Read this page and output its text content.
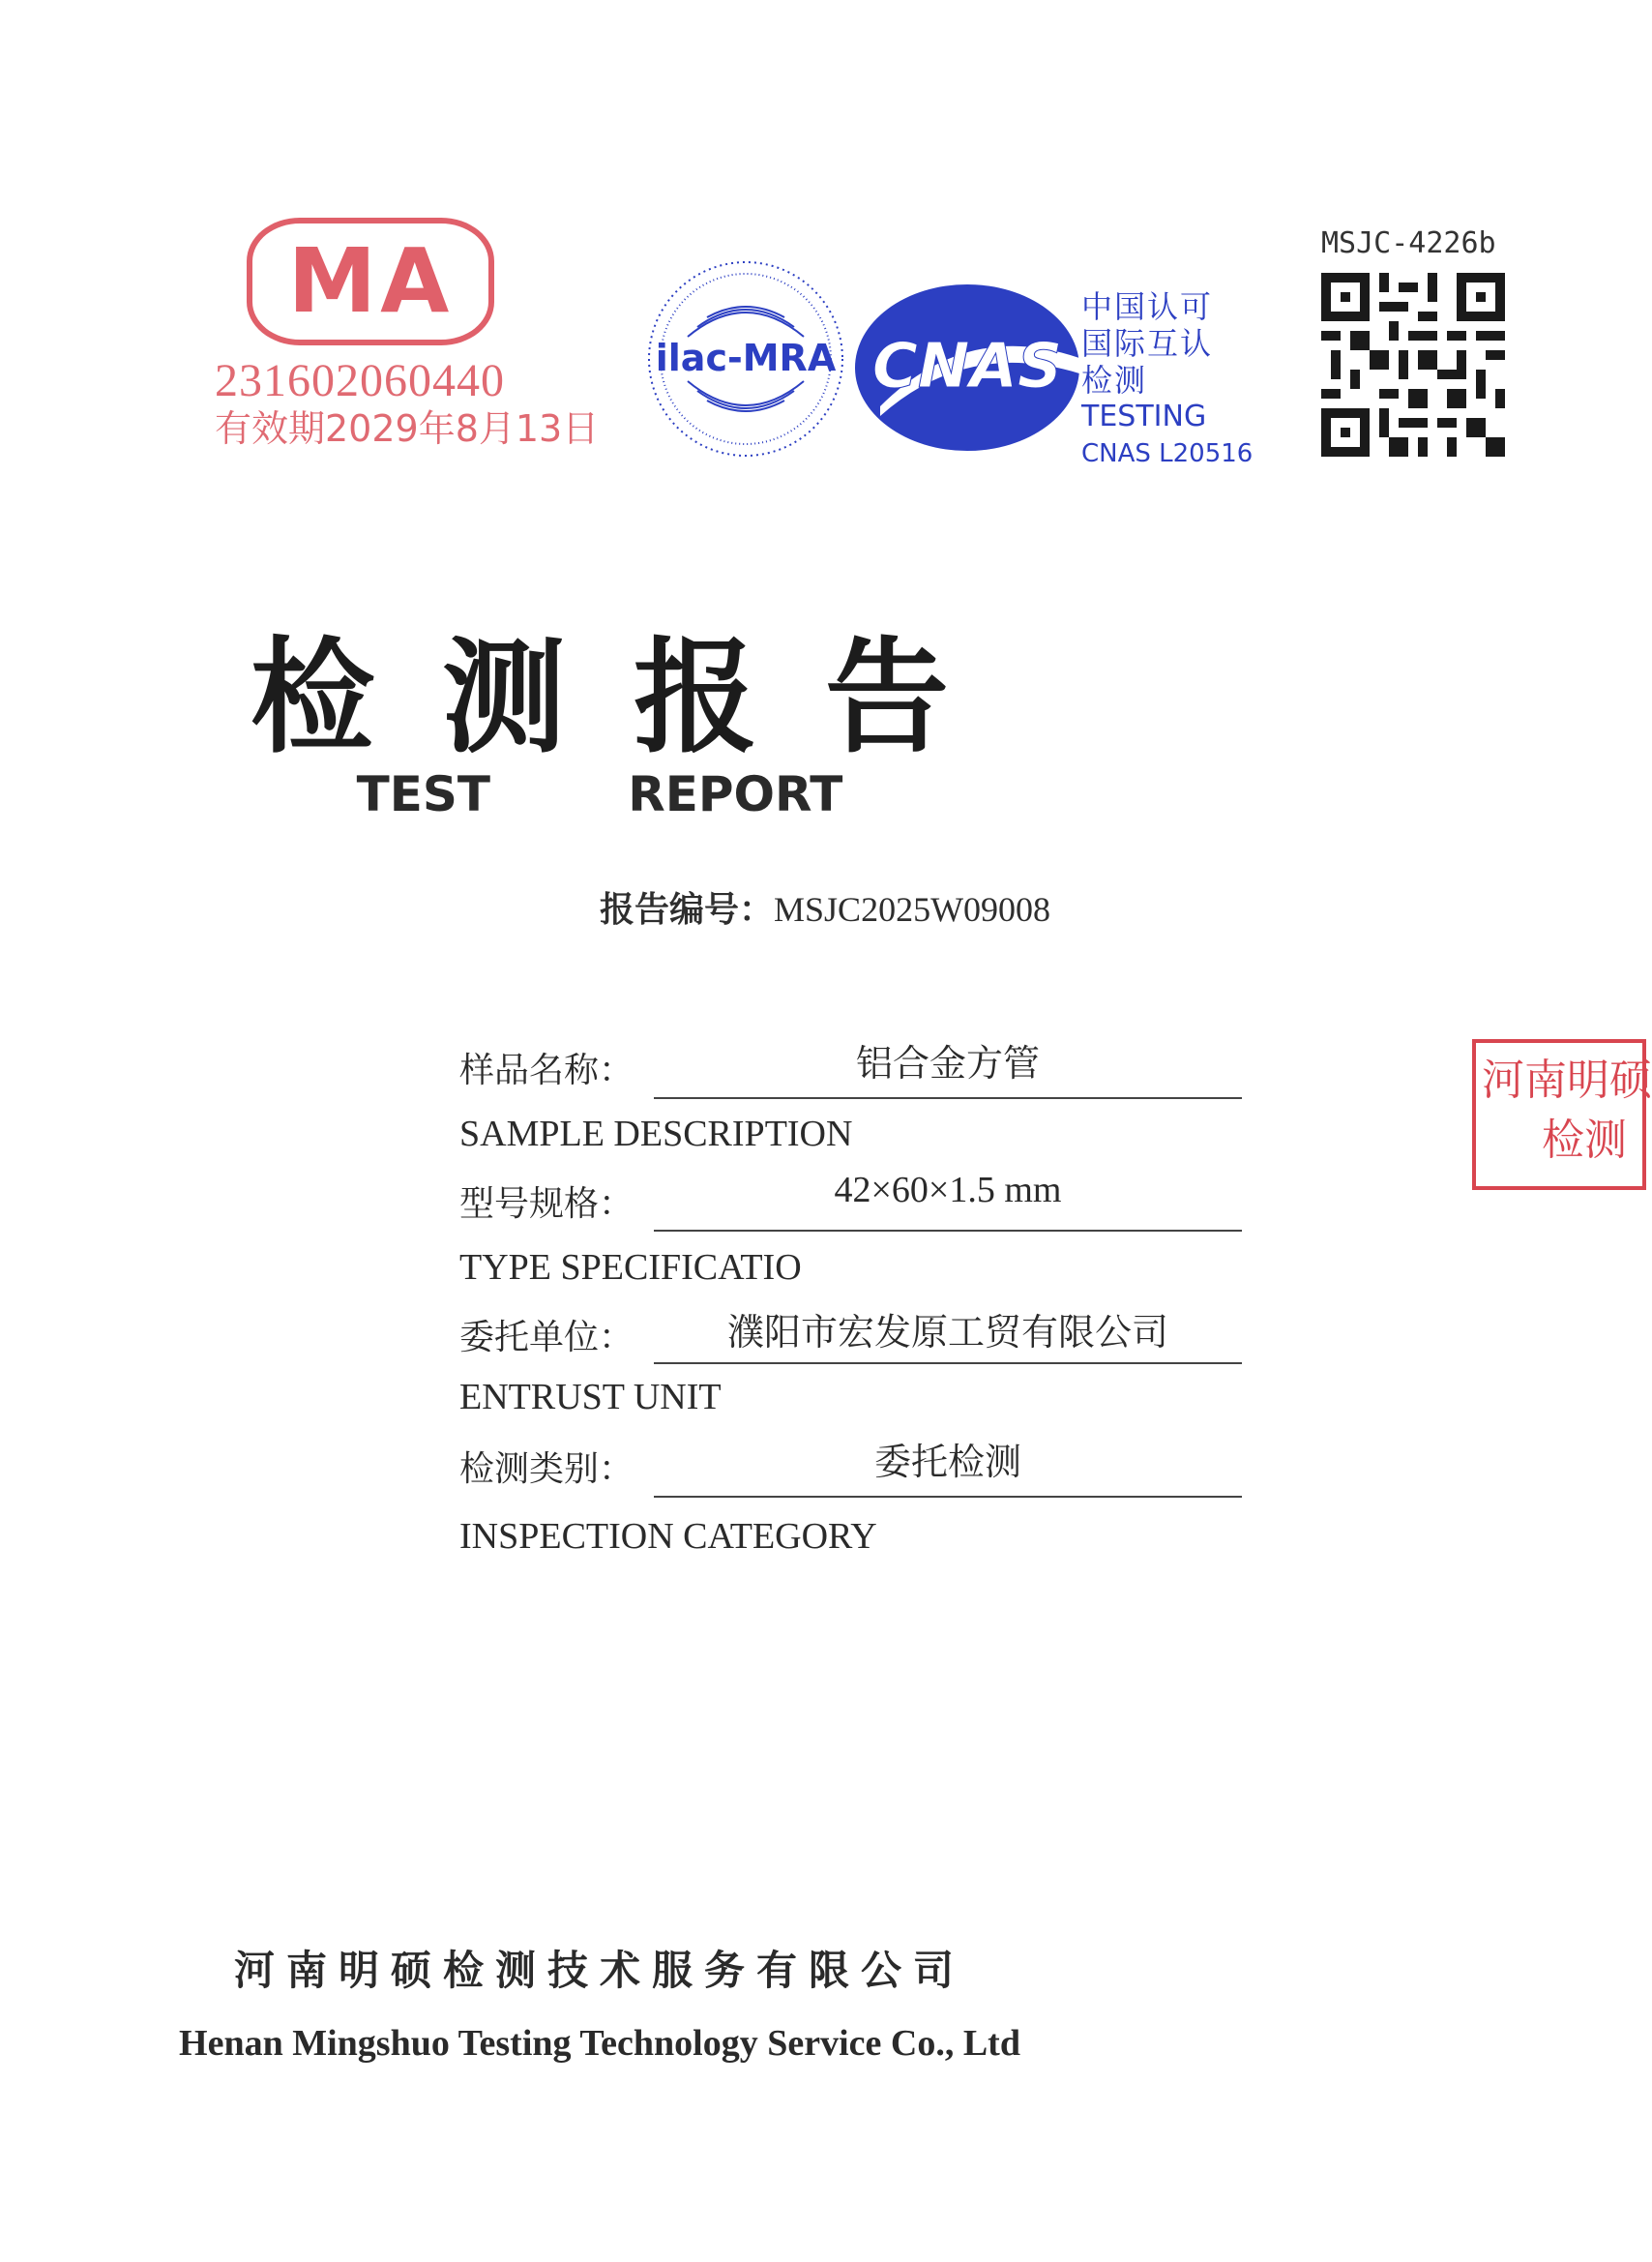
MA
231602060440
有效期2029年8月13日
ilac-MRA CNAS
中国认可
国际互认
检测
TESTING
CNAS L20516
MSJC-4226b
河南明硕
检测
检测报告
TEST   REPORT
报告编号：MSJC2025W09008
样品名称：	铝合金方管
SAMPLE DESCRIPTION
型号规格：	42×60×1.5 mm
TYPE SPECIFICATIO
委托单位：	濮阳市宏发原工贸有限公司
ENTRUST UNIT
检测类别：	委托检测
INSPECTION CATEGORY
河南明硕检测技术服务有限公司
Henan Mingshuo Testing Technology Service Co., Ltd
